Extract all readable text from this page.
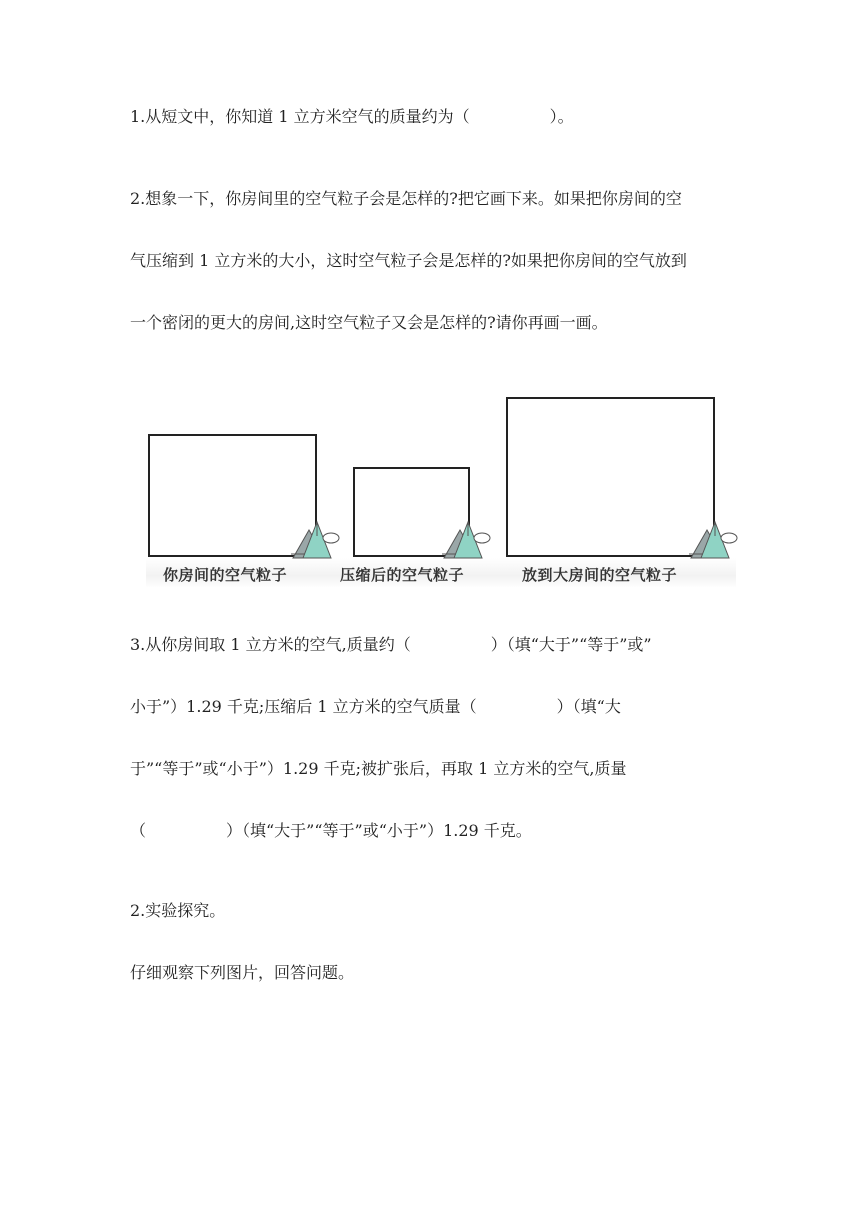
1.从短文中，你知道 1 立方米空气的质量约为（　　　　　）。
2.想象一下，你房间里的空气粒子会是怎样的?把它画下来。如果把你房间的空
气压缩到 1 立方米的大小，这时空气粒子会是怎样的?如果把你房间的空气放到
一个密闭的更大的房间,这时空气粒子又会是怎样的?请你再画一画。
你房间的空气粒子	压缩后的空气粒子	放到大房间的空气粒子
3.从你房间取 1 立方米的空气,质量约（　　　　　）（填“大于”“等于”或”
小于”）1.29 千克;压缩后 1 立方米的空气质量（　　　　　）（填“大
于”“等于”或“小于”）1.29 千克;被扩张后，再取 1 立方米的空气,质量
（　　　　　）（填“大于”“等于”或“小于”）1.29 千克。
2.实验探究。
仔细观察下列图片，回答问题。
